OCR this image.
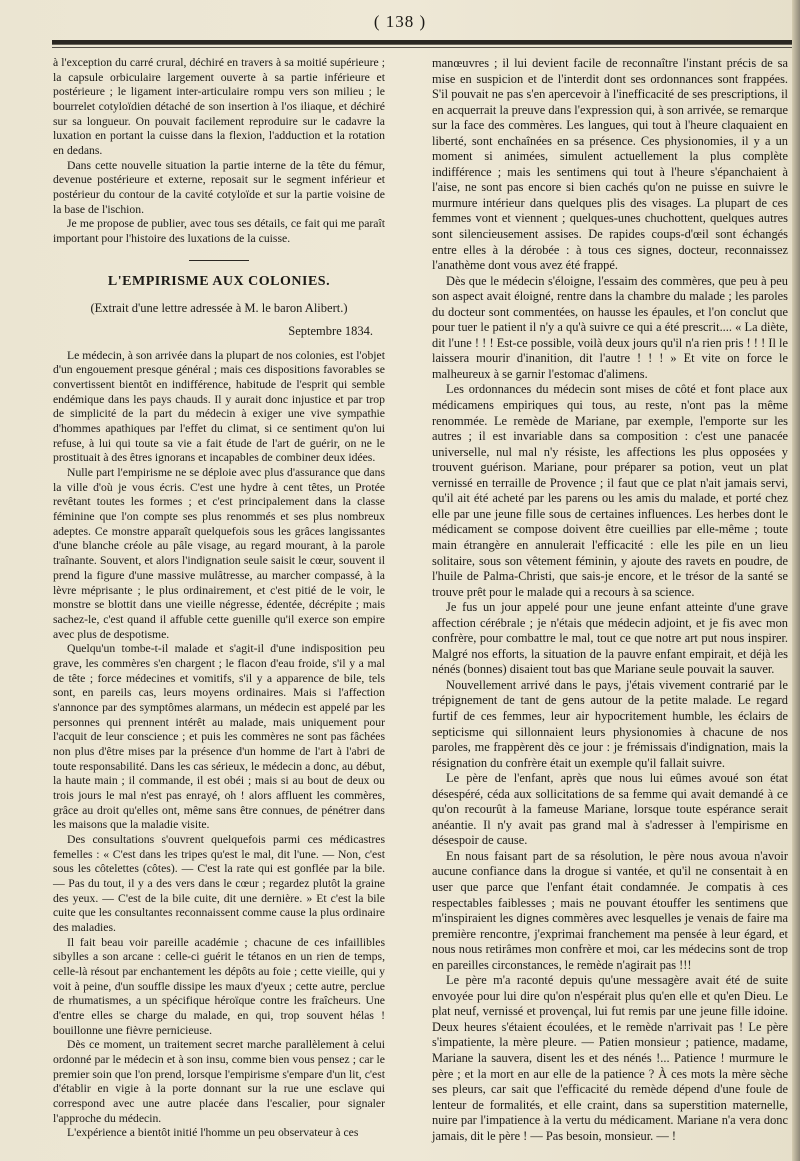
( 138 )

à l'exception du carré crural, déchiré en travers à sa moitié supérieure ; la capsule orbiculaire largement ouverte à sa partie inférieure et postérieure ; le ligament inter-articulaire rompu vers son milieu ; le bourrelet cotyloïdien détaché de son insertion à l'os iliaque, et déchiré sur sa longueur. On pouvait facilement reproduire sur le cadavre la luxation en portant la cuisse dans la flexion, l'adduction et la rotation en dedans.

Dans cette nouvelle situation la partie interne de la tête du fémur, devenue postérieure et externe, reposait sur le segment inférieur et postérieur du contour de la cavité cotyloïde et sur la partie voisine de la base de l'ischion.

Je me propose de publier, avec tous ses détails, ce fait qui me paraît important pour l'histoire des luxations de la cuisse.

L'EMPIRISME AUX COLONIES.
(Extrait d'une lettre adressée à M. le baron Alibert.)
Septembre 1834.

Le médecin, à son arrivée dans la plupart de nos colonies, est l'objet d'un engouement presque général ; mais ces dispositions favorables se convertissent bientôt en indifférence, habitude de l'esprit qui semble endémique dans les pays chauds. Il y aurait donc injustice et par trop de simplicité de la part du médecin à exiger une vive sympathie d'hommes apathiques par l'effet du climat, si ce sentiment qu'on lui refuse, à lui qui toute sa vie a fait étude de l'art de guérir, on ne le prostituait à des êtres ignorans et incapables de combiner deux idées.

Nulle part l'empirisme ne se déploie avec plus d'assurance que dans la ville d'où je vous écris. C'est une hydre à cent têtes, un Protée revêtant toutes les formes ; et c'est principalement dans la classe féminine que l'on compte ses plus renommés et ses plus nombreux adeptes. Ce monstre apparaît quelquefois sous les grâces langissantes d'une blanche créole au pâle visage, au regard mourant, à la parole traînante. Souvent, et alors l'indignation seule saisit le cœur, souvent il prend la figure d'une massive mulâtresse, au marcher compassé, à la lèvre méprisante ; le plus ordinairement, et c'est pitié de le voir, le monstre se blottit dans une vieille négresse, édentée, décrépite ; mais sachez-le, c'est quand il affuble cette guenille qu'il exerce son empire avec plus de despotisme.

Quelqu'un tombe-t-il malade et s'agit-il d'une indisposition peu grave, les commères s'en chargent ; le flacon d'eau froide, s'il y a mal de tête ; force médecines et vomitifs, s'il y a apparence de bile, tels sont, en pareils cas, leurs moyens ordinaires. Mais si l'affection s'annonce par des symptômes alarmans, un médecin est appelé par les personnes qui prennent intérêt au malade, mais uniquement pour l'acquit de leur conscience ; et puis les commères ne sont pas fâchées non plus d'être mises par la présence d'un homme de l'art à l'abri de toute responsabilité. Dans les cas sérieux, le médecin a donc, au début, la haute main ; il commande, il est obéi ; mais si au bout de deux ou trois jours le mal n'est pas enrayé, oh ! alors affluent les commères, grâce au droit qu'elles ont, même sans être connues, de pénétrer dans les maisons que la maladie visite.

Des consultations s'ouvrent quelquefois parmi ces médicastres femelles : « C'est dans les tripes qu'est le mal, dit l'une. — Non, c'est sous les côtelettes (côtes). — C'est la rate qui est gonflée par la bile. — Pas du tout, il y a des vers dans le cœur ; regardez plutôt la graine des yeux. — C'est de la bile cuite, dit une dernière. » Et c'est la bile cuite que les consultantes reconnaissent comme cause la plus ordinaire des maladies.

Il fait beau voir pareille académie ; chacune de ces infaillibles sibylles a son arcane : celle-ci guérit le tétanos en un rien de temps, celle-là résout par enchantement les dépôts au foie ; cette vieille, qui y voit à peine, d'un souffle dissipe les maux d'yeux ; cette autre, perclue de rhumatismes, a un spécifique héroïque contre les fraîcheurs. Une d'entre elles se charge du malade, en qui, trop souvent hélas ! bouillonne une fièvre pernicieuse.

Dès ce moment, un traitement secret marche parallèlement à celui ordonné par le médecin et à son insu, comme bien vous pensez ; car le premier soin que l'on prend, lorsque l'empirisme s'empare d'un lit, c'est d'établir en vigie à la porte donnant sur la rue une esclave qui correspond avec une autre placée dans l'escalier, pour signaler l'approche du médecin.

L'expérience a bientôt initié l'homme un peu observateur à ces

manœuvres ; il lui devient facile de reconnaître l'instant précis de sa mise en suspicion et de l'interdit dont ses ordonnances sont frappées. S'il pouvait ne pas s'en apercevoir à l'inefficacité de ses prescriptions, il en acquerrait la preuve dans l'expression qui, à son arrivée, se remarque sur la face des commères. Les langues, qui tout à l'heure claquaient en liberté, sont enchaînées en sa présence. Ces physionomies, il y a un moment si animées, simulent actuellement la plus complète indifférence ; mais les sentimens qui tout à l'heure s'épanchaient à l'aise, ne sont pas encore si bien cachés qu'on ne puisse en suivre le murmure intérieur dans quelques plis des visages. La plupart de ces femmes vont et viennent ; quelques-unes chuchottent, quelques autres sont silencieusement assises. De rapides coups-d'œil sont échangés entre elles à la dérobée : à tous ces signes, docteur, reconnaissez l'anathème dont vous avez été frappé.

Dès que le médecin s'éloigne, l'essaim des commères, que peu à peu son aspect avait éloigné, rentre dans la chambre du malade ; les paroles du docteur sont commentées, on hausse les épaules, et l'on conclut que pour tuer le patient il n'y a qu'à suivre ce qui a été prescrit.... « La diète, dit l'une ! ! ! Est-ce possible, voilà deux jours qu'il n'a rien pris ! ! ! Il le laissera mourir d'inanition, dit l'autre ! ! ! » Et vite on force le malheureux à se garnir l'estomac d'alimens.

Les ordonnances du médecin sont mises de côté et font place aux médicamens empiriques qui tous, au reste, n'ont pas la même renommée. Le remède de Mariane, par exemple, l'emporte sur les autres ; il est invariable dans sa composition : c'est une panacée universelle, nul mal n'y résiste, les affections les plus opposées y trouvent guérison. Mariane, pour préparer sa potion, veut un plat vernissé en terraille de Provence ; il faut que ce plat n'ait jamais servi, qu'il ait été acheté par les parens ou les amis du malade, et porté chez elle par une jeune fille sous de certaines influences. Les herbes dont le médicament se compose doivent être cueillies par elle-même ; toute main étrangère en annulerait l'efficacité : elle les pile en un lieu solitaire, sous son vêtement féminin, y ajoute des ravets en poudre, de l'huile de Palma-Christi, que sais-je encore, et le trésor de la santé se trouve prêt pour le malade qui a recours à sa science.

Je fus un jour appelé pour une jeune enfant atteinte d'une grave affection cérébrale ; je n'étais que médecin adjoint, et je fis avec mon confrère, pour combattre le mal, tout ce que notre art put nous inspirer. Malgré nos efforts, la situation de la pauvre enfant empirait, et déjà les nénés (bonnes) disaient tout bas que Mariane seule pouvait la sauver.

Nouvellement arrivé dans le pays, j'étais vivement contrarié par le trépignement de tant de gens autour de la petite malade. Le regard furtif de ces femmes, leur air hypocritement humble, les éclairs de septicisme qui sillonnaient leurs physionomies à chacune de nos paroles, me frappèrent dès ce jour : je frémissais d'indignation, mais la résignation du confrère était un exemple qu'il fallait suivre.

Le père de l'enfant, après que nous lui eûmes avoué son état désespéré, céda aux sollicitations de sa femme qui avait demandé à ce qu'on recourût à la fameuse Mariane, lorsque toute espérance serait anéantie. Il n'y avait pas grand mal à s'adresser à l'empirisme en désespoir de cause.

En nous faisant part de sa résolution, le père nous avoua n'avoir aucune confiance dans la drogue si vantée, et qu'il ne consentait à en user que parce que l'enfant était condamnée. Je compatis à ces respectables faiblesses ; mais ne pouvant étouffer les sentimens que m'inspiraient les dignes commères avec lesquelles je venais de faire ma première rencontre, j'exprimai franchement ma pensée à leur égard, et nous nous retirâmes mon confrère et moi, car les médecins sont de trop en pareilles circonstances, le remède n'agirait pas !!!

Le père m'a raconté depuis qu'une messagère avait été de suite envoyée pour lui dire qu'on n'espérait plus qu'en elle et qu'en Dieu. Le plat neuf, vernissé et provençal, lui fut remis par une jeune fille idoine. Deux heures s'étaient écoulées, et le remède n'arrivait pas ! Le père s'impatiente, la mère pleure. — Patien monsieur ; patience, madame, Mariane la sauvera, disent les et des nénés !... Patience ! murmure le père ; et la mort en aur elle de la patience ? À ces mots la mère sèche ses pleurs, car sait que l'efficacité du remède dépend d'une foule de lenteur de formalités, et elle craint, dans sa superstition maternelle, nuire par l'impatience à la vertu du médicament. Mariane n'a vera donc jamais, dit le père ! — Pas besoin, monsieur. — !
